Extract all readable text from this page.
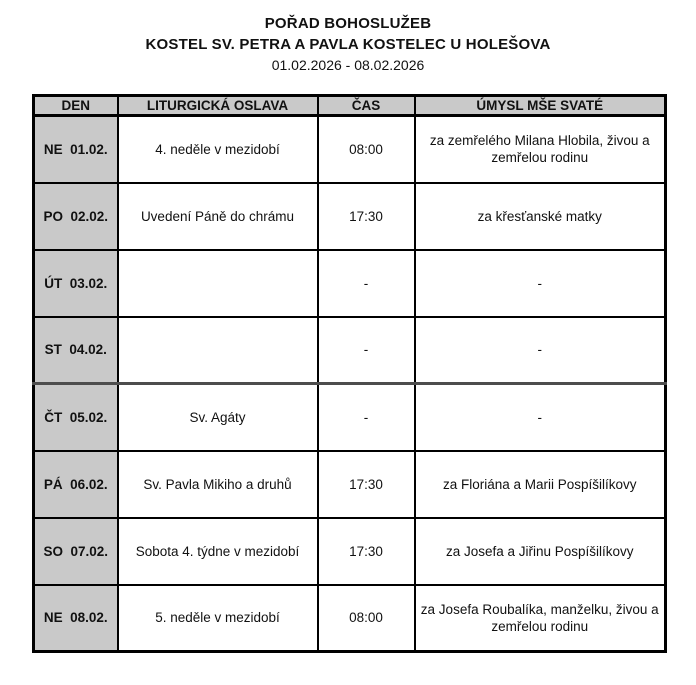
POŘAD BOHOSLUŽEB
KOSTEL SV. PETRA A PAVLA KOSTELEC U HOLEŠOVA
01.02.2026 - 08.02.2026
DEN	LITURGICKÁ OSLAVA	ČAS	ÚMYSL MŠE SVATÉ
NE  01.02.	4. neděle v mezidobí	08:00	za zemřelého Milana Hlobila, živou a zemřelou rodinu
PO  02.02.	Uvedení Páně do chrámu	17:30	za křesťanské matky
ÚT  03.02.		-	-
ST  04.02.		-	-
ČT  05.02.	Sv. Agáty	-	-
PÁ  06.02.	Sv. Pavla Mikiho a druhů	17:30	za Floriána a Marii Pospíšilíkovy
SO  07.02.	Sobota 4. týdne v mezidobí	17:30	za Josefa a Jiřinu Pospíšilíkovy
NE  08.02.	5. neděle v mezidobí	08:00	za Josefa Roubalíka, manželku, živou a zemřelou rodinu
